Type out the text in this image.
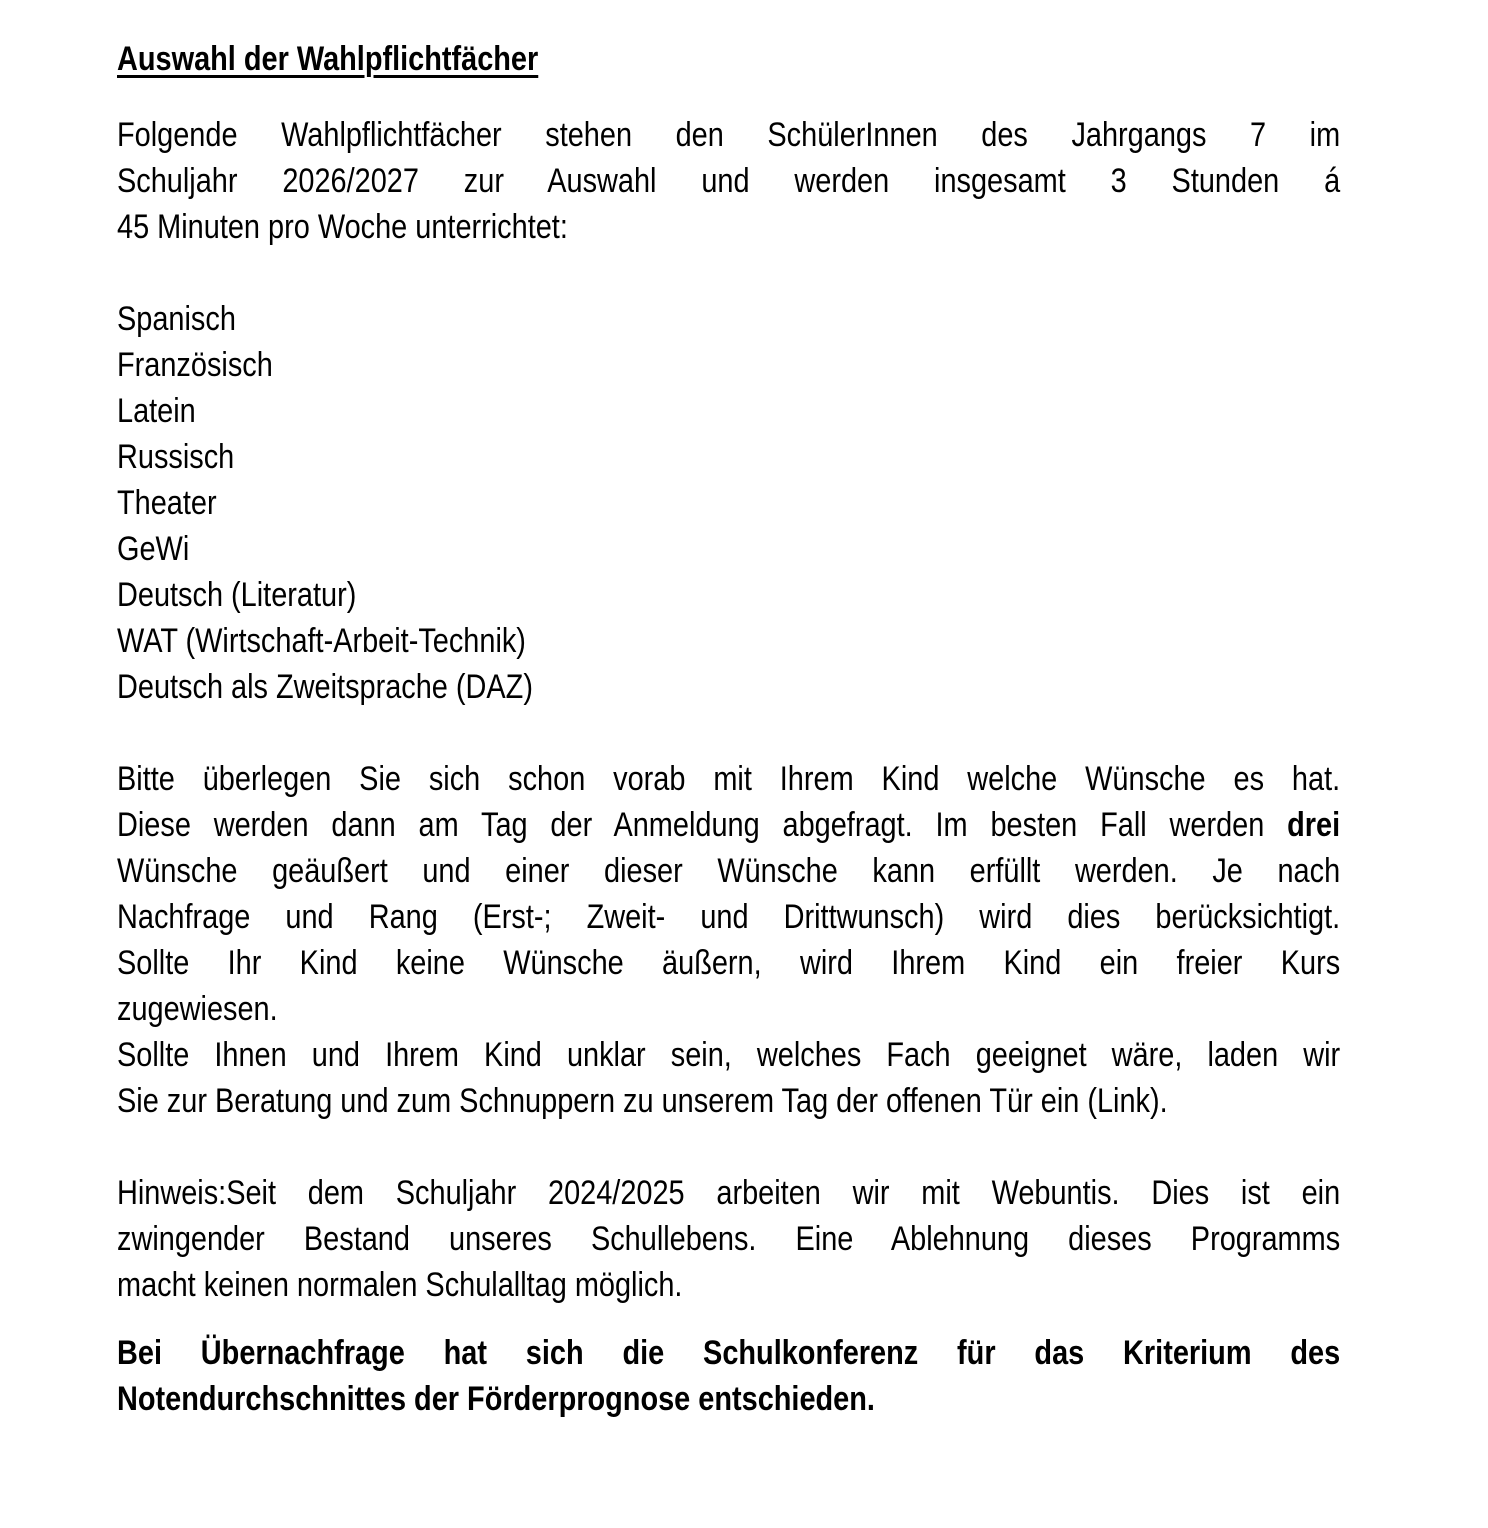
Auswahl der Wahlpflichtfächer
Folgende Wahlpflichtfächer stehen den SchülerInnen des Jahrgangs 7 im
Schuljahr 2026/2027 zur Auswahl und werden insgesamt 3 Stunden á
45 Minuten pro Woche unterrichtet:
Spanisch
Französisch
Latein
Russisch
Theater
GeWi
Deutsch (Literatur)
WAT (Wirtschaft-Arbeit-Technik)
Deutsch als Zweitsprache (DAZ)
Bitte überlegen Sie sich schon vorab mit Ihrem Kind welche Wünsche es hat.
Diese werden dann am Tag der Anmeldung abgefragt. Im besten Fall werden drei
Wünsche geäußert und einer dieser Wünsche kann erfüllt werden. Je nach
Nachfrage und Rang (Erst-; Zweit- und Drittwunsch) wird dies berücksichtigt.
Sollte Ihr Kind keine Wünsche äußern, wird Ihrem Kind ein freier Kurs
zugewiesen.
Sollte Ihnen und Ihrem Kind unklar sein, welches Fach geeignet wäre, laden wir
Sie zur Beratung und zum Schnuppern zu unserem Tag der offenen Tür ein (Link).
Hinweis:Seit dem Schuljahr 2024/2025 arbeiten wir mit Webuntis. Dies ist ein
zwingender Bestand unseres Schullebens. Eine Ablehnung dieses Programms
macht keinen normalen Schulalltag möglich.
Bei Übernachfrage hat sich die Schulkonferenz für das Kriterium des
Notendurchschnittes der Förderprognose entschieden.
